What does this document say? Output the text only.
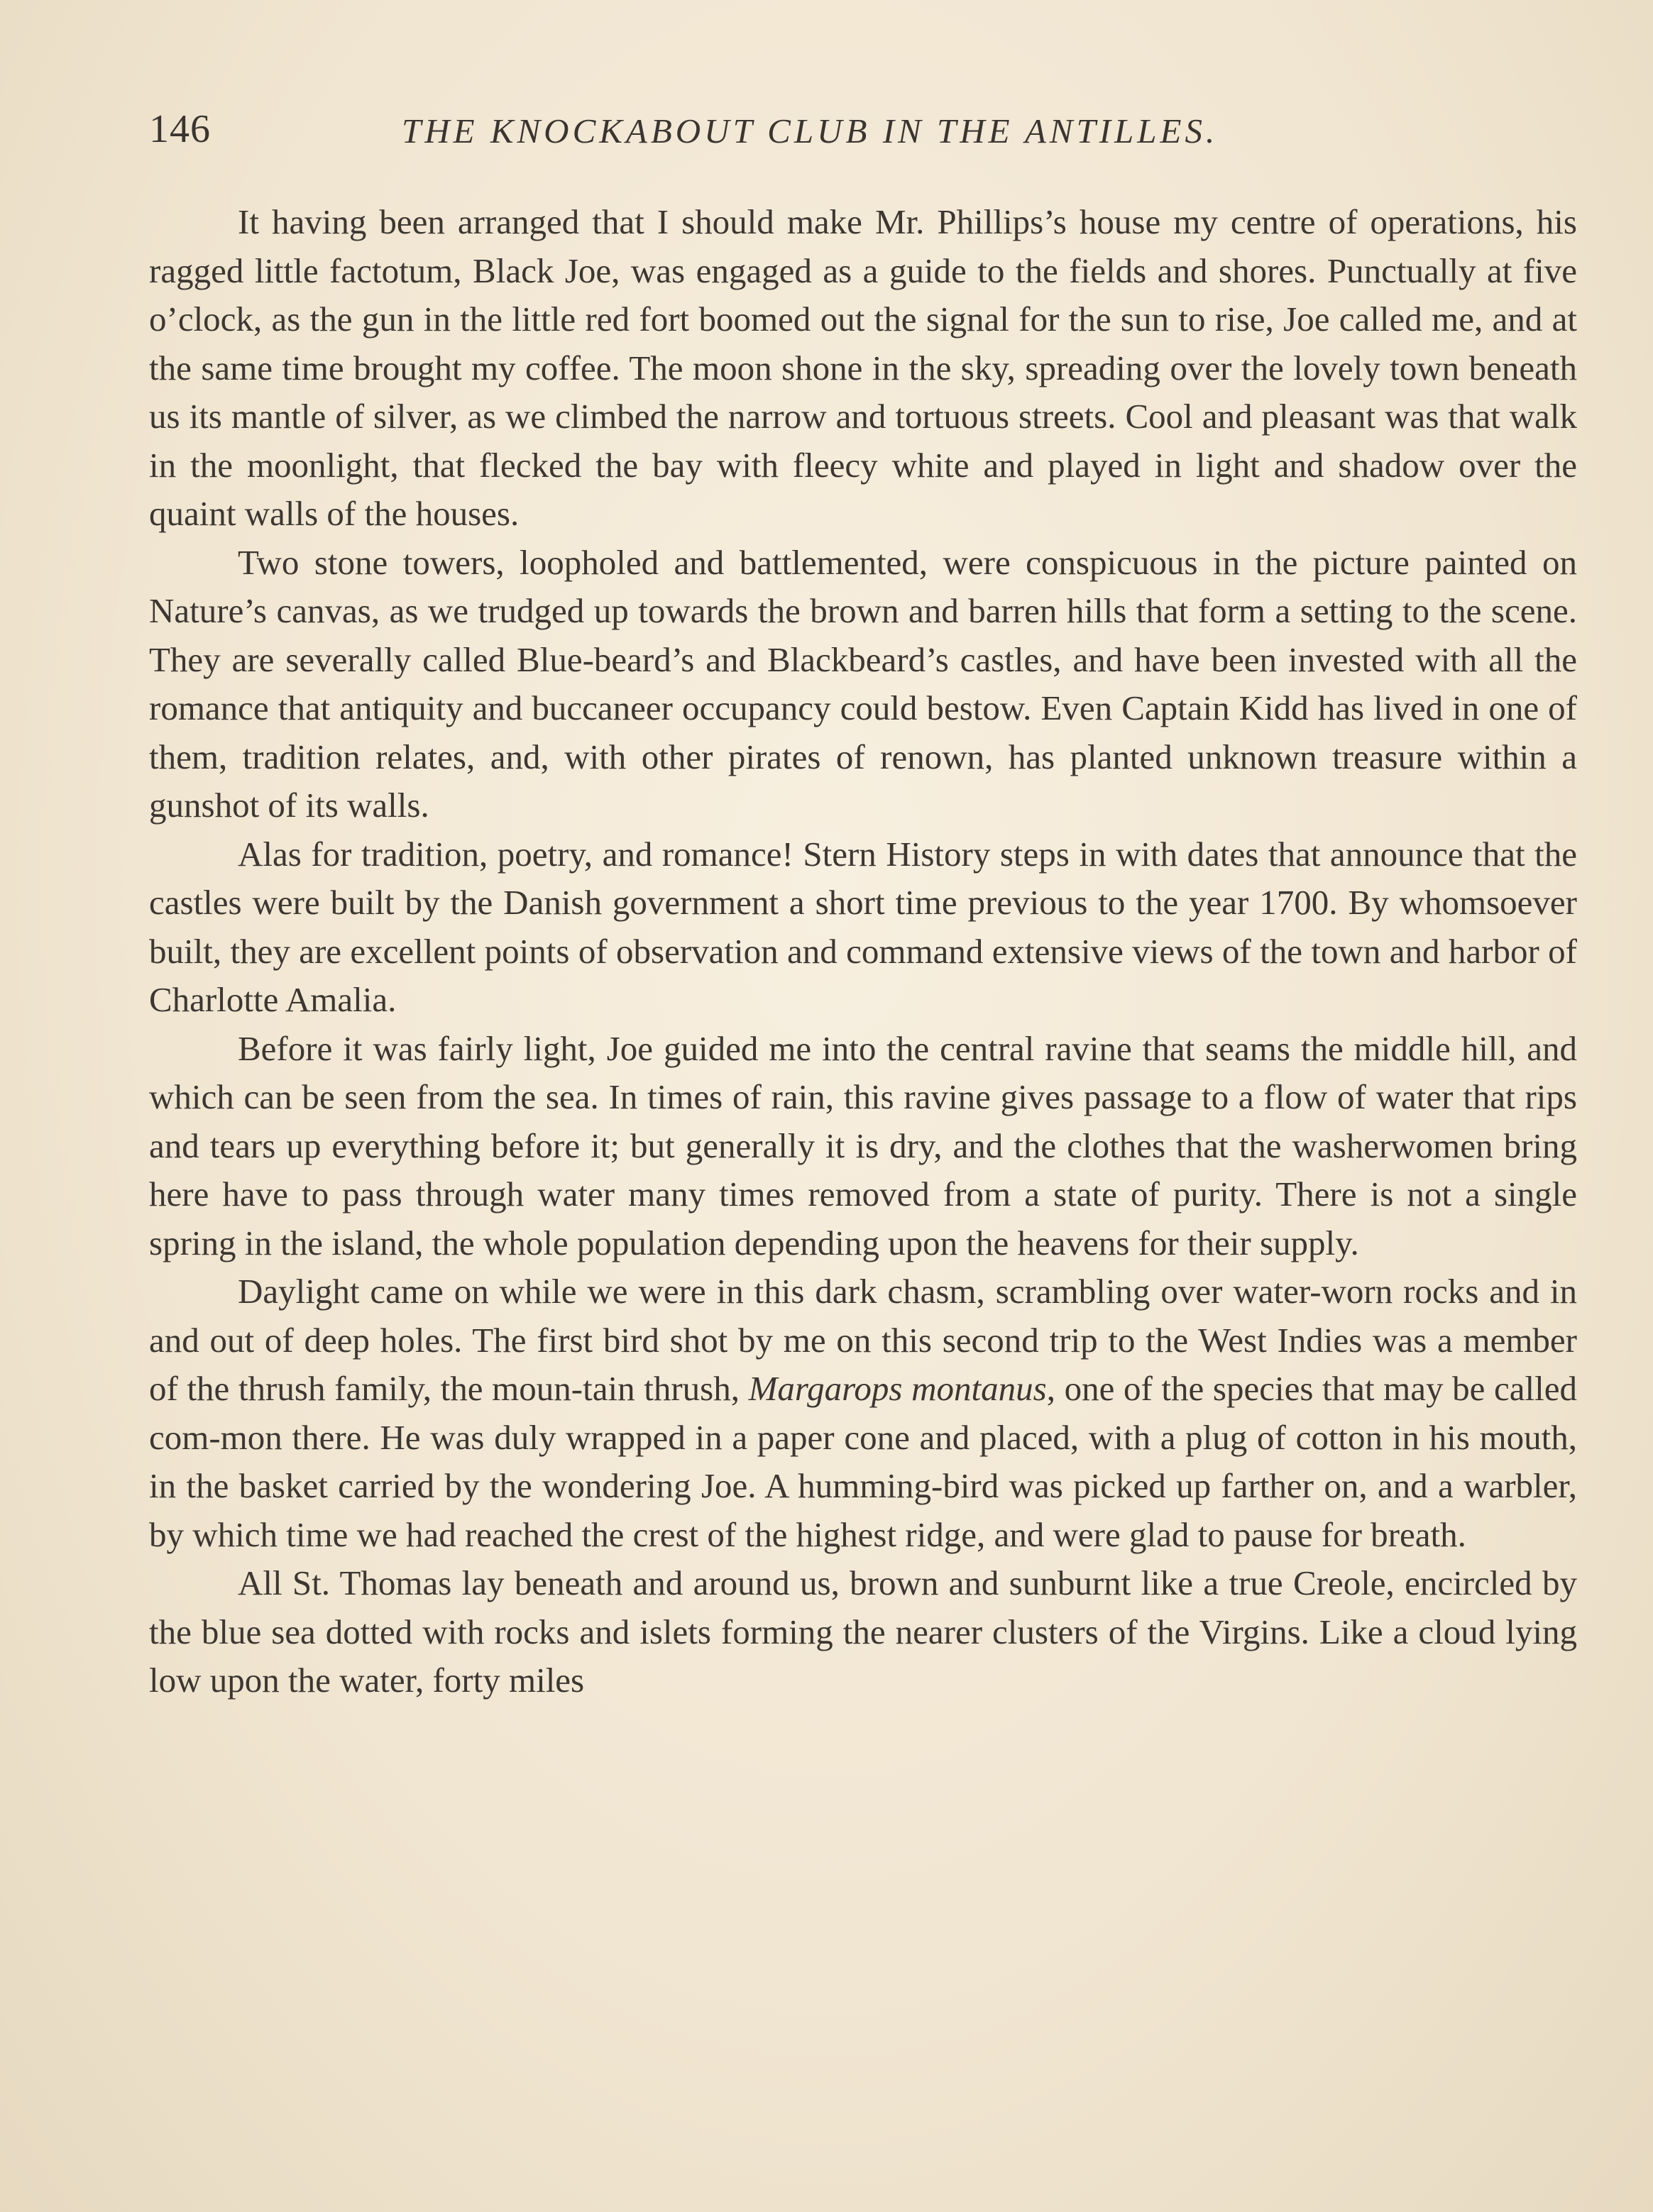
146	THE KNOCKABOUT CLUB IN THE ANTILLES.

It having been arranged that I should make Mr. Phillips’s house my centre of operations, his ragged little factotum, Black Joe, was engaged as a guide to the fields and shores. Punctually at five o’clock, as the gun in the little red fort boomed out the signal for the sun to rise, Joe called me, and at the same time brought my coffee. The moon shone in the sky, spreading over the lovely town beneath us its mantle of silver, as we climbed the narrow and tortuous streets. Cool and pleasant was that walk in the moonlight, that flecked the bay with fleecy white and played in light and shadow over the quaint walls of the houses.

Two stone towers, loopholed and battlemented, were conspicuous in the picture painted on Nature’s canvas, as we trudged up towards the brown and barren hills that form a setting to the scene. They are severally called Blue-beard’s and Blackbeard’s castles, and have been invested with all the romance that antiquity and buccaneer occupancy could bestow. Even Captain Kidd has lived in one of them, tradition relates, and, with other pirates of renown, has planted unknown treasure within a gunshot of its walls.

Alas for tradition, poetry, and romance! Stern History steps in with dates that announce that the castles were built by the Danish government a short time previous to the year 1700. By whomsoever built, they are excellent points of observation and command extensive views of the town and harbor of Charlotte Amalia.

Before it was fairly light, Joe guided me into the central ravine that seams the middle hill, and which can be seen from the sea. In times of rain, this ravine gives passage to a flow of water that rips and tears up everything before it; but generally it is dry, and the clothes that the washerwomen bring here have to pass through water many times removed from a state of purity. There is not a single spring in the island, the whole population depending upon the heavens for their supply.

Daylight came on while we were in this dark chasm, scrambling over water-worn rocks and in and out of deep holes. The first bird shot by me on this second trip to the West Indies was a member of the thrush family, the moun-tain thrush, Margarops montanus, one of the species that may be called com-mon there. He was duly wrapped in a paper cone and placed, with a plug of cotton in his mouth, in the basket carried by the wondering Joe. A humming-bird was picked up farther on, and a warbler, by which time we had reached the crest of the highest ridge, and were glad to pause for breath.

All St. Thomas lay beneath and around us, brown and sunburnt like a true Creole, encircled by the blue sea dotted with rocks and islets forming the nearer clusters of the Virgins. Like a cloud lying low upon the water, forty miles
